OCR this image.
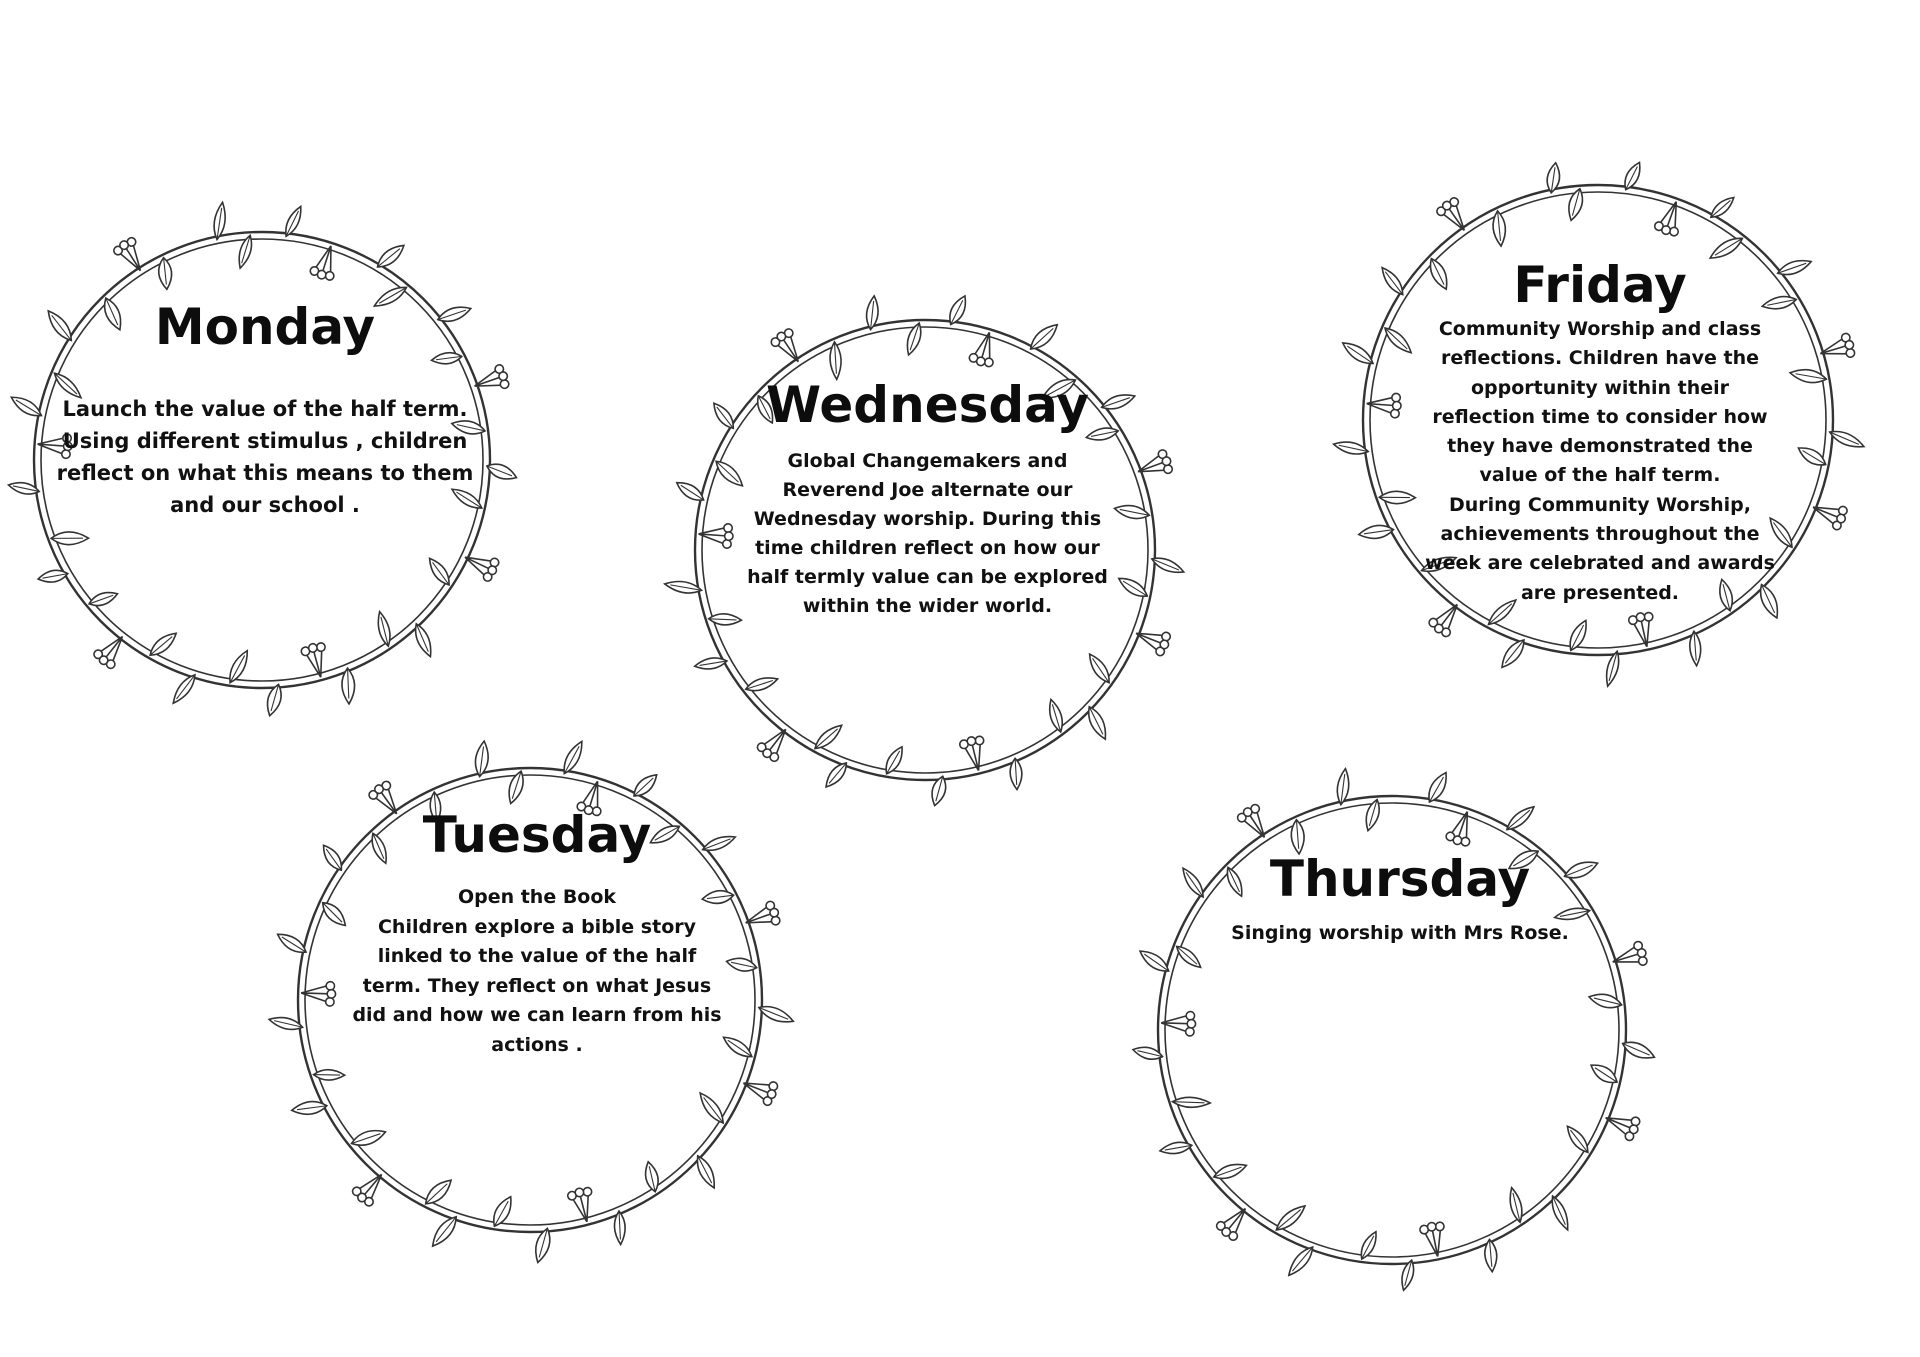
Monday

Launch the value of the half term.
Using different stimulus , children
reflect on what this means to them
and our school .

Wednesday

Global Changemakers and
Reverend Joe alternate our
Wednesday worship. During this
time children reflect on how our
half termly value can be explored
within the wider world.

Friday

Community Worship and class
reflections. Children have the
opportunity within their
reflection time to consider how
they have demonstrated the
value of the half term.
During Community Worship,
achievements throughout the
week are celebrated and awards
are presented.

Tuesday

Open the Book
Children explore a bible story
linked to the value of the half
term. They reflect on what Jesus
did and how we can learn from his
actions .

Thursday

Singing worship with Mrs Rose.
